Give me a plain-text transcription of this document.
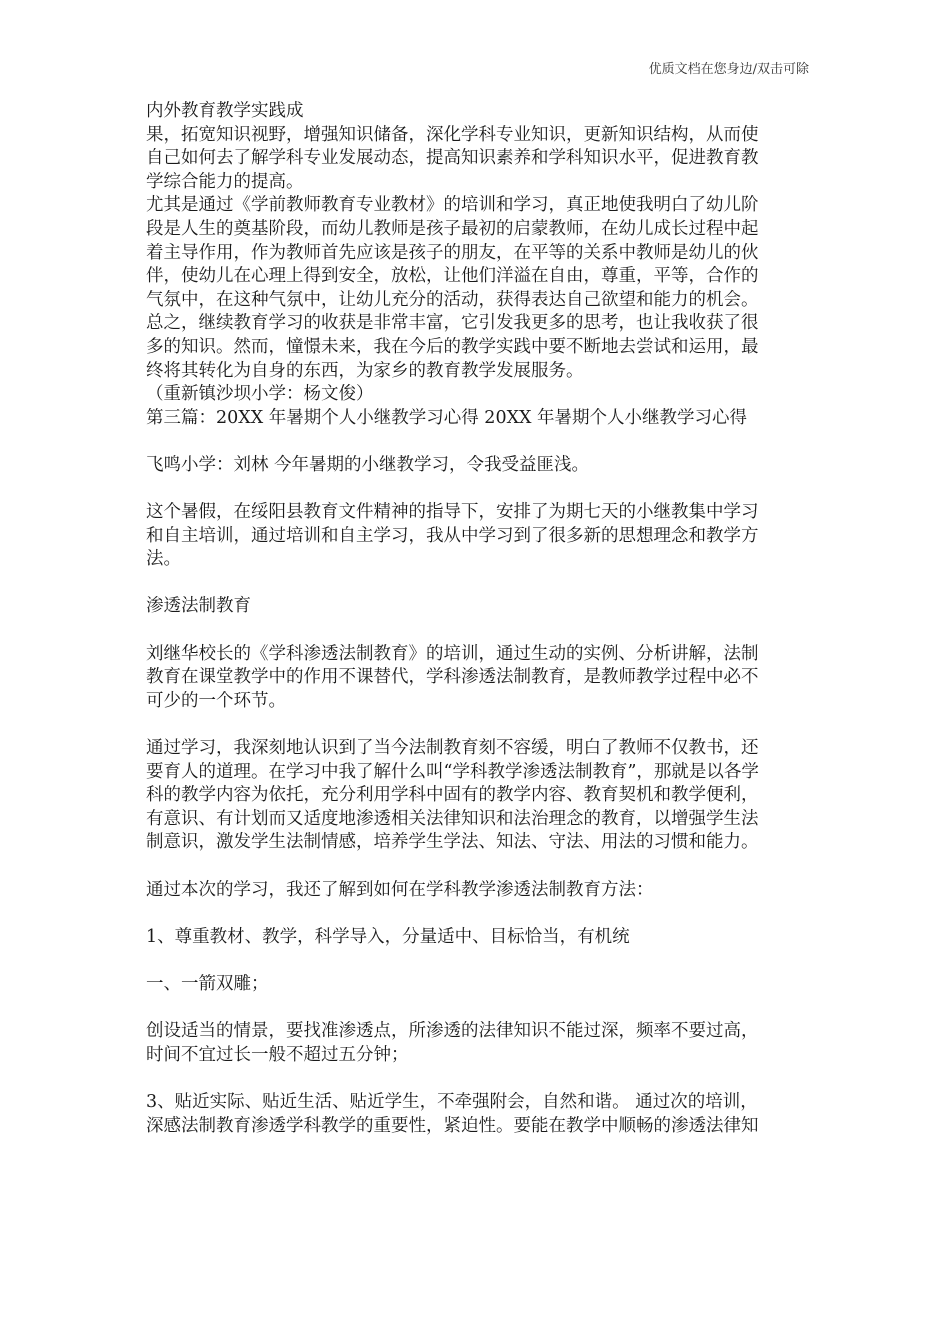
优质文档在您身边/双击可除
内外教育教学实践成
果，拓宽知识视野，增强知识储备，深化学科专业知识，更新知识结构，从而使
自己如何去了解学科专业发展动态，提高知识素养和学科知识水平，促进教育教
学综合能力的提高。
尤其是通过《学前教师教育专业教材》的培训和学习，真正地使我明白了幼儿阶
段是人生的奠基阶段，而幼儿教师是孩子最初的启蒙教师，在幼儿成长过程中起
着主导作用，作为教师首先应该是孩子的朋友，在平等的关系中教师是幼儿的伙
伴，使幼儿在心理上得到安全，放松，让他们洋溢在自由，尊重，平等，合作的
气氛中，在这种气氛中，让幼儿充分的活动，获得表达自己欲望和能力的机会。
总之，继续教育学习的收获是非常丰富，它引发我更多的思考，也让我收获了很
多的知识。然而，憧憬未来，我在今后的教学实践中要不断地去尝试和运用，最
终将其转化为自身的东西，为家乡的教育教学发展服务。
（重新镇沙坝小学：杨文俊）
第三篇：20XX 年暑期个人小继教学习心得 20XX 年暑期个人小继教学习心得
飞鸣小学：刘林 今年暑期的小继教学习，令我受益匪浅。
这个暑假，在绥阳县教育文件精神的指导下，安排了为期七天的小继教集中学习
和自主培训，通过培训和自主学习，我从中学习到了很多新的思想理念和教学方
法。
渗透法制教育
刘继华校长的《学科渗透法制教育》的培训，通过生动的实例、分析讲解，法制
教育在课堂教学中的作用不课替代，学科渗透法制教育，是教师教学过程中必不
可少的一个环节。
通过学习，我深刻地认识到了当今法制教育刻不容缓，明白了教师不仅教书，还
要育人的道理。在学习中我了解什么叫“学科教学渗透法制教育”，那就是以各学
科的教学内容为依托，充分利用学科中固有的教学内容、教育契机和教学便利，
有意识、有计划而又适度地渗透相关法律知识和法治理念的教育，以增强学生法
制意识，激发学生法制情感，培养学生学法、知法、守法、用法的习惯和能力。
通过本次的学习，我还了解到如何在学科教学渗透法制教育方法：
1、尊重教材、教学，科学导入，分量适中、目标恰当，有机统
一、一箭双雕；
创设适当的情景，要找准渗透点，所渗透的法律知识不能过深，频率不要过高，
时间不宜过长一般不超过五分钟；
3、贴近实际、贴近生活、贴近学生，不牵强附会，自然和谐。 通过次的培训，
深感法制教育渗透学科教学的重要性，紧迫性。要能在教学中顺畅的渗透法律知
